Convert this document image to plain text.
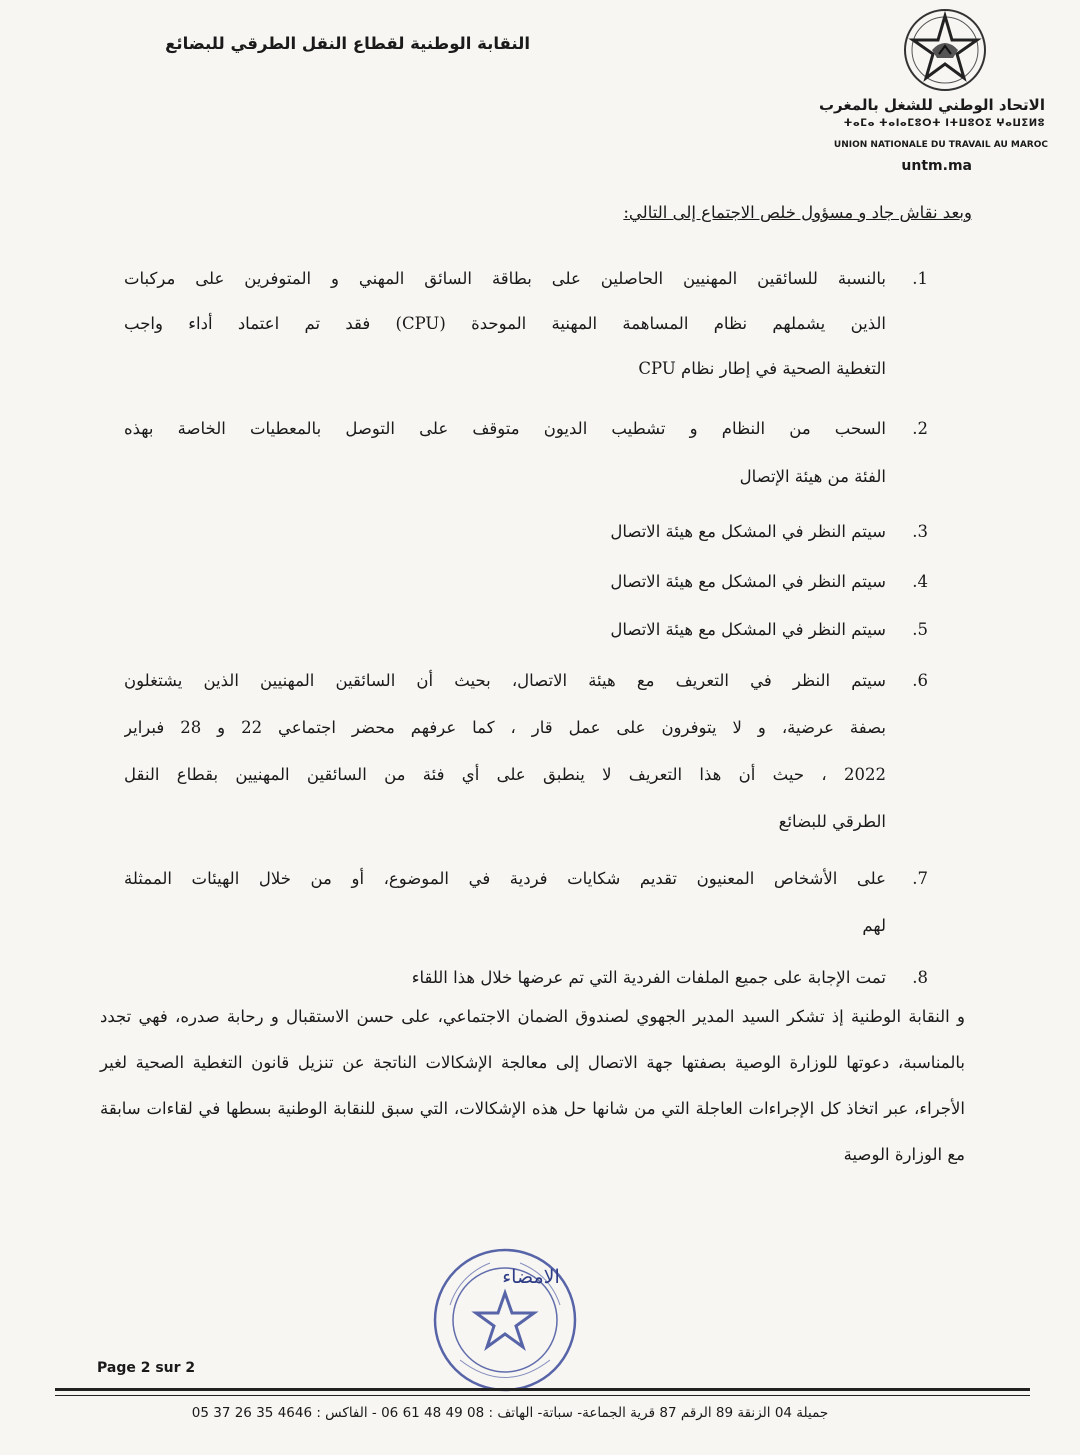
النقابة الوطنية لقطاع النقل الطرقي للبضائع
الاتحاد الوطني للشغل بالمغرب
ⵜⴰⵎⴰ ⵜⴰⵏⴰⵎⵓⵔⵜ ⵏⵜⵡⵓⵔⵉ ⵖⴰⵡⵉⵍⵓ
UNION NATIONALE DU TRAVAIL AU MAROC
untm.ma
وبعد نقاش جاد و مسؤول خلص الاجتماع إلى التالي:
1.
بالنسبة للسائقين المهنيين الحاصلين على بطاقة السائق المهني و المتوفرين على مركبات
الذين يشملهم نظام المساهمة المهنية الموحدة (CPU) فقد تم اعتماد أداء واجب
التغطية الصحية في إطار نظام CPU
2.
السحب من النظام و تشطيب الديون متوقف على التوصل بالمعطيات الخاصة بهذه
الفئة من هيئة الإتصال
3.
سيتم النظر في المشكل مع هيئة الاتصال
4.
سيتم النظر في المشكل مع هيئة الاتصال
5.
سيتم النظر في المشكل مع هيئة الاتصال
6.
سيتم النظر في التعريف مع هيئة الاتصال، بحيث أن السائقين المهنيين الذين يشتغلون
بصفة عرضية، و لا يتوفرون على عمل قار ، كما عرفهم محضر اجتماعي 22 و 28 فبراير
2022 ، حيث أن هذا التعريف لا ينطبق على أي فئة من السائقين المهنيين بقطاع النقل
الطرقي للبضائع
7.
على الأشخاص المعنيون تقديم شكايات فردية في الموضوع، أو من خلال الهيئات الممثلة
لهم
8.
تمت الإجابة على جميع الملفات الفردية التي تم عرضها خلال هذا اللقاء
و النقابة الوطنية إذ تشكر السيد المدير الجهوي لصندوق الضمان الاجتماعي، على حسن الاستقبال و رحابة صدره، فهي تجدد بالمناسبة، دعوتها للوزارة الوصية بصفتها جهة الاتصال إلى معالجة الإشكالات الناتجة عن تنزيل قانون التغطية الصحية لغير الأجراء، عبر اتخاذ كل الإجراءات العاجلة التي من شانها حل هذه الإشكالات، التي سبق للنقابة الوطنية بسطها في لقاءات سابقة مع الوزارة الوصية
الامضاء
Page 2 sur 2
جميلة 04 الزنقة 89 الرقم 87 قرية الجماعة- سباتة- الهاتف : 08 49 48 61 06 - الفاكس : 4646 35 26 37 05
